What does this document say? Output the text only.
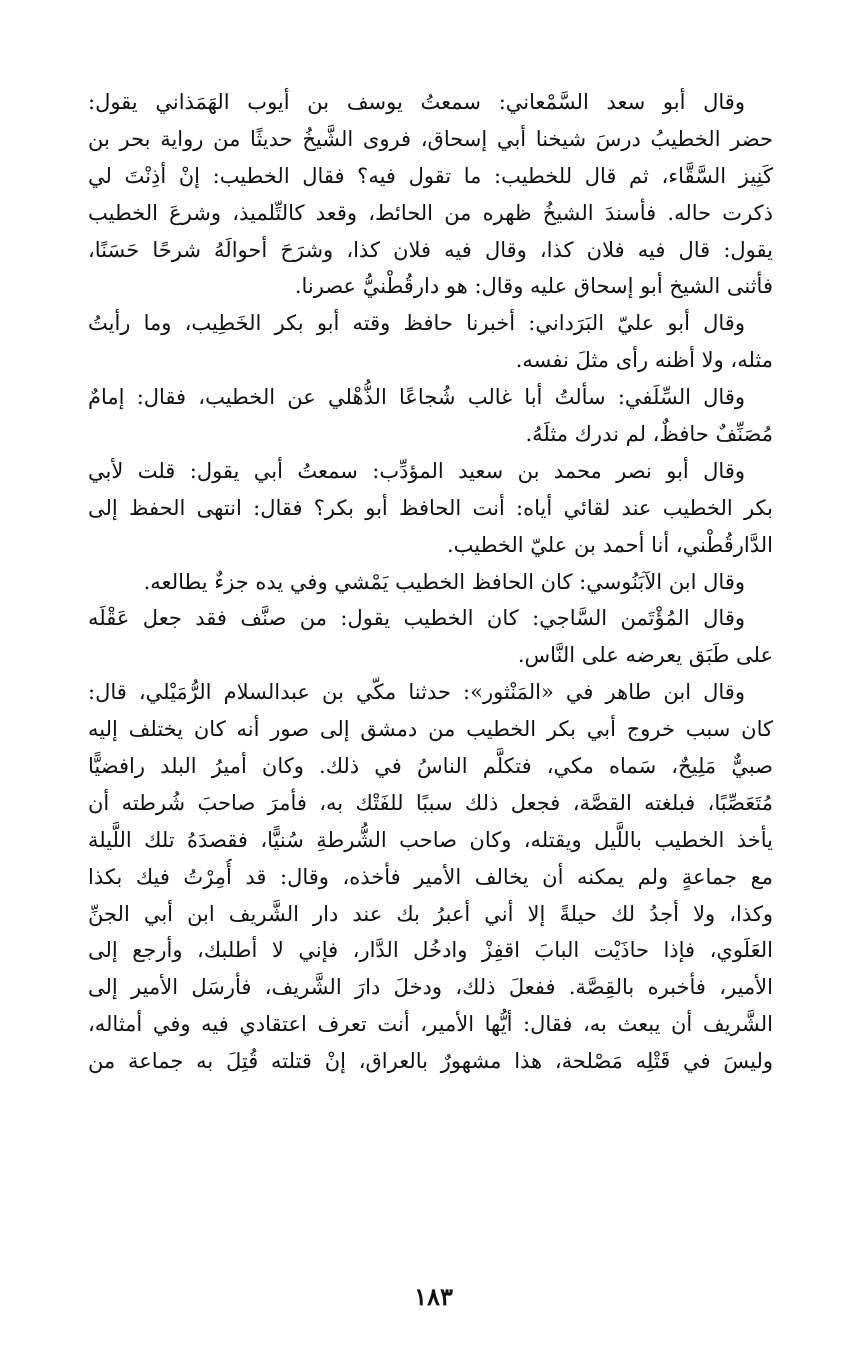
وقال أبو سعد السَّمْعاني: سمعتُ يوسف بن أيوب الهَمَذاني يقول:
حضر الخطيبُ درسَ شيخنا أبي إسحاق، فروى الشَّيخُ حديثًا من رواية بحر بن
كَنِيز السَّقَّاء، ثم قال للخطيب: ما تقول فيه؟ فقال الخطيب: إنْ أذِنْتَ لي
ذكرت حاله. فأسندَ الشيخُ ظهره من الحائط، وقعد كالتِّلميذ، وشرعَ الخطيب
يقول: قال فيه فلان كذا، وقال فيه فلان كذا، وشرَحَ أحوالَهُ شرحًا حَسَنًا،
فأثنى الشيخ أبو إسحاق عليه وقال: هو دارقُطْنيُّ عصرنا.

وقال أبو عليّ البَرَداني: أخبرنا حافظ وقته أبو بكر الخَطِيب، وما رأيتُ
مثله، ولا أظنه رأى مثلَ نفسه.

وقال السِّلَفي: سألتُ أبا غالب شُجاعًا الذُّهْلي عن الخطيب، فقال: إمامٌ
مُصَنِّفٌ حافظٌ، لم ندرك مثلَهُ.

وقال أبو نصر محمد بن سعيد المؤدِّب: سمعتُ أبي يقول: قلت لأبي
بكر الخطيب عند لقائي أياه: أنت الحافظ أبو بكر؟ فقال: انتهى الحفظ إلى
الدَّارقُطْني، أنا أحمد بن عليّ الخطيب.

وقال ابن الآبَنُوسي: كان الحافظ الخطيب يَمْشي وفي يده جزءٌ يطالعه.

وقال المُؤْتَمن السَّاجي: كان الخطيب يقول: من صنَّف فقد جعل عَقْلَه
على طَبَق يعرضه على النَّاس.

وقال ابن طاهر في «المَنْثور»: حدثنا مكّي بن عبدالسلام الرُّمَيْلي، قال:
كان سبب خروج أبي بكر الخطيب من دمشق إلى صور أنه كان يختلف إليه
صبيٌّ مَلِيحٌ، سَماه مكي، فتكلَّم الناسُ في ذلك. وكان أميرُ البلد رافضيًّا
مُتَعَصِّبًا، فبلغته القصَّة، فجعل ذلك سببًا للفَتْك به، فأمرَ صاحبَ شُرطته أن
يأخذ الخطيب باللَّيل ويقتله، وكان صاحب الشُّرطةِ سُنيًّا، فقصدَهُ تلك اللَّيلة
مع جماعةٍ ولم يمكنه أن يخالف الأمير فأخذه، وقال: قد أُمِرْتُ فيك بكذا
وكذا، ولا أجدُ لك حيلةً إلا أني أعبرُ بك عند دار الشَّريف ابن أبي الجنِّ
العَلَوي، فإذا حاذَيْت البابَ اقفِزْ وادخُل الدَّار، فإني لا أطلبك، وأرجع إلى
الأمير، فأخبره بالقِصَّة. ففعلَ ذلك، ودخلَ دارَ الشَّريف، فأرسَل الأمير إلى
الشَّريف أن يبعث به، فقال: أيُّها الأمير، أنت تعرف اعتقادي فيه وفي أمثاله،
وليسَ في قَتْلِه مَصْلحة، هذا مشهورٌ بالعراق، إنْ قتلته قُتِلَ به جماعة من

١٨٣
